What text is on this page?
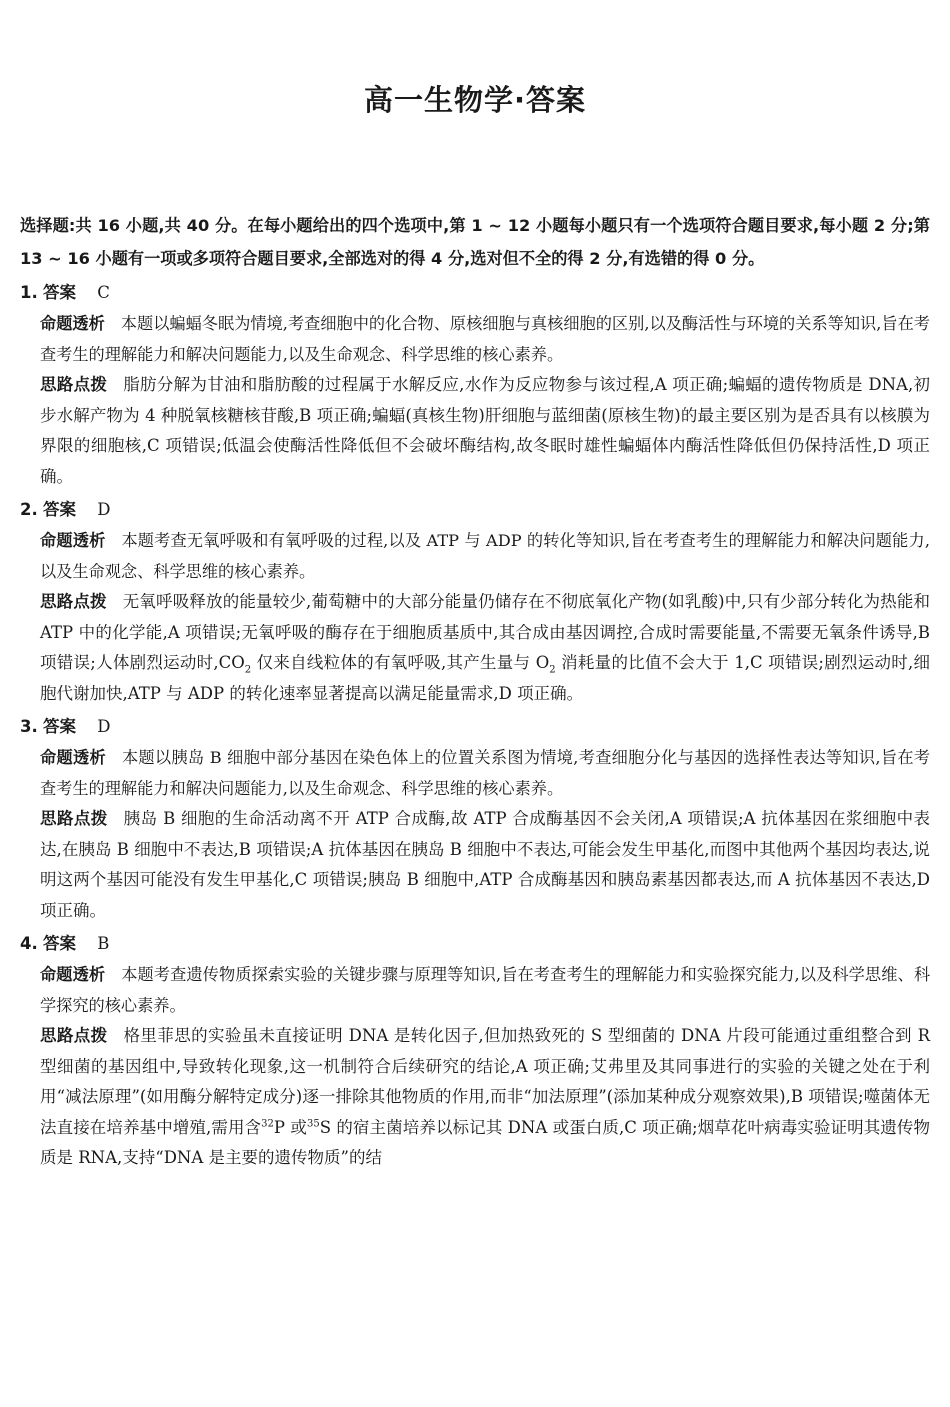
高一生物学·答案

选择题:共 16 小题,共 40 分。在每小题给出的四个选项中,第 1 ~ 12 小题每小题只有一个选项符合题目要求,每小题 2 分;第 13 ~ 16 小题有一项或多项符合题目要求,全部选对的得 4 分,选对但不全的得 2 分,有选错的得 0 分。

1. 答案 C

命题透析 本题以蝙蝠冬眠为情境,考查细胞中的化合物、原核细胞与真核细胞的区别,以及酶活性与环境的关系等知识,旨在考查考生的理解能力和解决问题能力,以及生命观念、科学思维的核心素养。

思路点拨 脂肪分解为甘油和脂肪酸的过程属于水解反应,水作为反应物参与该过程,A 项正确;蝙蝠的遗传物质是 DNA,初步水解产物为 4 种脱氧核糖核苷酸,B 项正确;蝙蝠(真核生物)肝细胞与蓝细菌(原核生物)的最主要区别为是否具有以核膜为界限的细胞核,C 项错误;低温会使酶活性降低但不会破坏酶结构,故冬眠时雄性蝙蝠体内酶活性降低但仍保持活性,D 项正确。

2. 答案 D

命题透析 本题考查无氧呼吸和有氧呼吸的过程,以及 ATP 与 ADP 的转化等知识,旨在考查考生的理解能力和解决问题能力,以及生命观念、科学思维的核心素养。

思路点拨 无氧呼吸释放的能量较少,葡萄糖中的大部分能量仍储存在不彻底氧化产物(如乳酸)中,只有少部分转化为热能和 ATP 中的化学能,A 项错误;无氧呼吸的酶存在于细胞质基质中,其合成由基因调控,合成时需要能量,不需要无氧条件诱导,B 项错误;人体剧烈运动时$,CO_2$ 仅来自线粒体的有氧呼吸,其产生量与 $O_2$ 消耗量的比值不会大于 1,C 项错误;剧烈运动时,细胞代谢加快,ATP 与 ADP 的转化速率显著提高以满足能量需求,D 项正确。

3. 答案 D

命题透析 本题以胰岛 B 细胞中部分基因在染色体上的位置关系图为情境,考查细胞分化与基因的选择性表达等知识,旨在考查考生的理解能力和解决问题能力,以及生命观念、科学思维的核心素养。

思路点拨 胰岛 B 细胞的生命活动离不开 ATP 合成酶,故 ATP 合成酶基因不会关闭,A 项错误;A 抗体基因在浆细胞中表达,在胰岛 B 细胞中不表达,B 项错误;A 抗体基因在胰岛 B 细胞中不表达,可能会发生甲基化,而图中其他两个基因均表达,说明这两个基因可能没有发生甲基化,C 项错误;胰岛 B 细胞中,ATP 合成酶基因和胰岛素基因都表达,而 A 抗体基因不表达,D 项正确。

4. 答案 B

命题透析 本题考查遗传物质探索实验的关键步骤与原理等知识,旨在考查考生的理解能力和实验探究能力,以及科学思维、科学探究的核心素养。

思路点拨 格里菲思的实验虽未直接证明 DNA 是转化因子,但加热致死的 S 型细菌的 DNA 片段可能通过重组整合到 R 型细菌的基因组中,导致转化现象,这一机制符合后续研究的结论,A 项正确;艾弗里及其同事进行的实验的关键之处在于利用“减法原理”(如用酶分解特定成分)逐一排除其他物质的作用,而非“加法原理”(添加某种成分观察效果),B 项错误;噬菌体无法直接在培养基中增殖,需用含$^{32}$P 或$^{35}$S 的宿主菌培养以标记其 DNA 或蛋白质,C 项正确;烟草花叶病毒实验证明其遗传物质是 RNA,支持“DNA 是主要的遗传物质”的结
